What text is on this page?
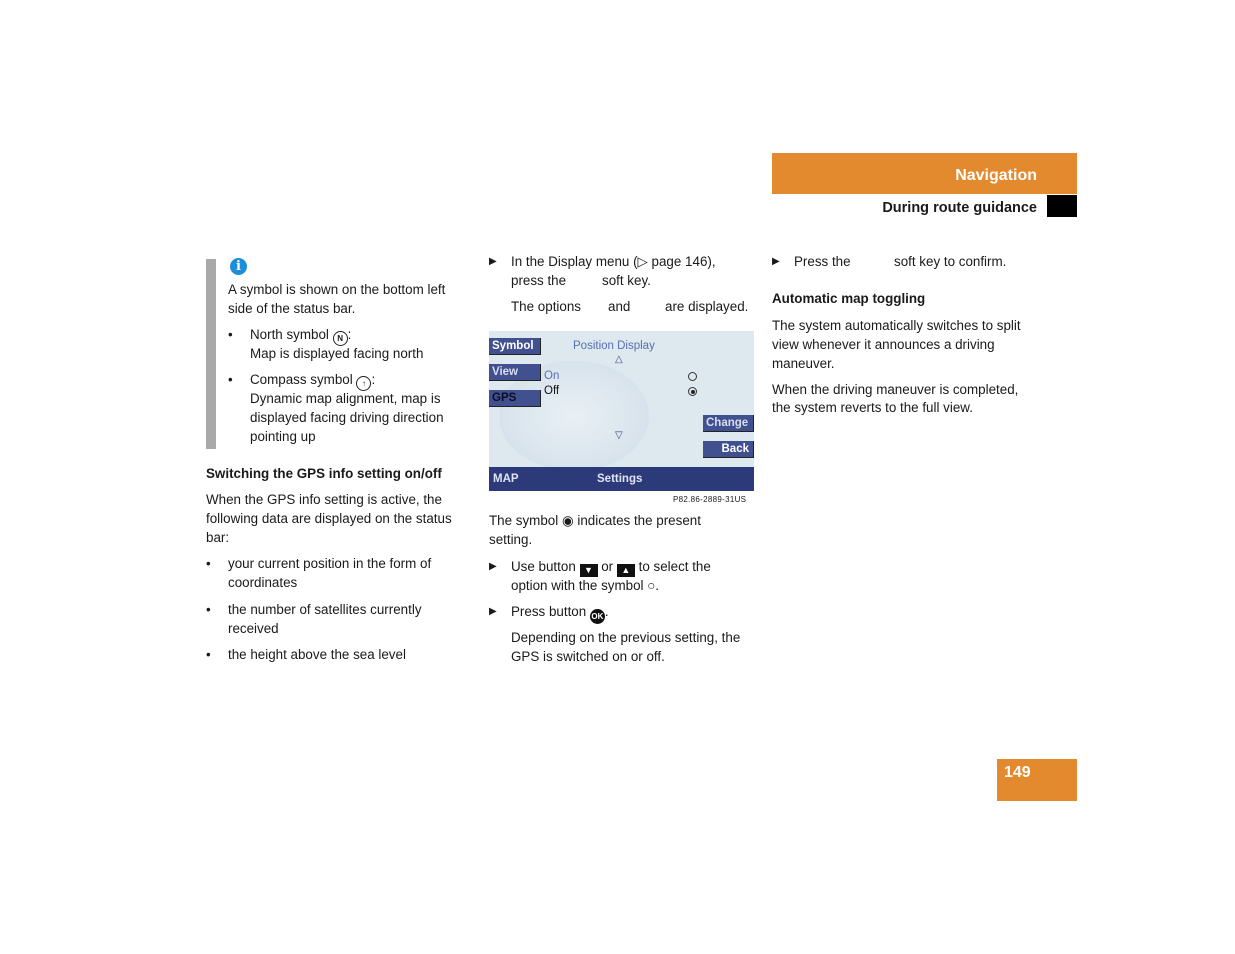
Navigation
During route guidance
i

A symbol is shown on the bottom left side of the status bar.

• North symbol N :
Map is displayed facing north
• Compass symbol ↑ :
Dynamic map alignment, map is
displayed facing driving direction
pointing up

Switching the GPS info setting on/off

When the GPS info setting is active, the

following data are displayed on the status

bar:

• your current position in the form of
coordinates
• the number of satellites currently
received
• the height above the sea level
▶ In the Display menu (▷ page 146),

press the	soft key.

The options and	are displayed.

Symbol
View
GPS
Position Display
△
On
Off
Change
▽
Back
MAP	Settings
P82.86-2889-31US

The symbol ◉ indicates the present

setting.

▶ Use button ▼ or ▲ to select the

option with the symbol ○.

▶ Press button OK .

Depending on the previous setting, the

GPS is switched on or off.

▶ Press the	soft key to confirm.

Automatic map toggling

The system automatically switches to split

view whenever it announces a driving

maneuver.

When the driving maneuver is completed,

the system reverts to the full view.

149
